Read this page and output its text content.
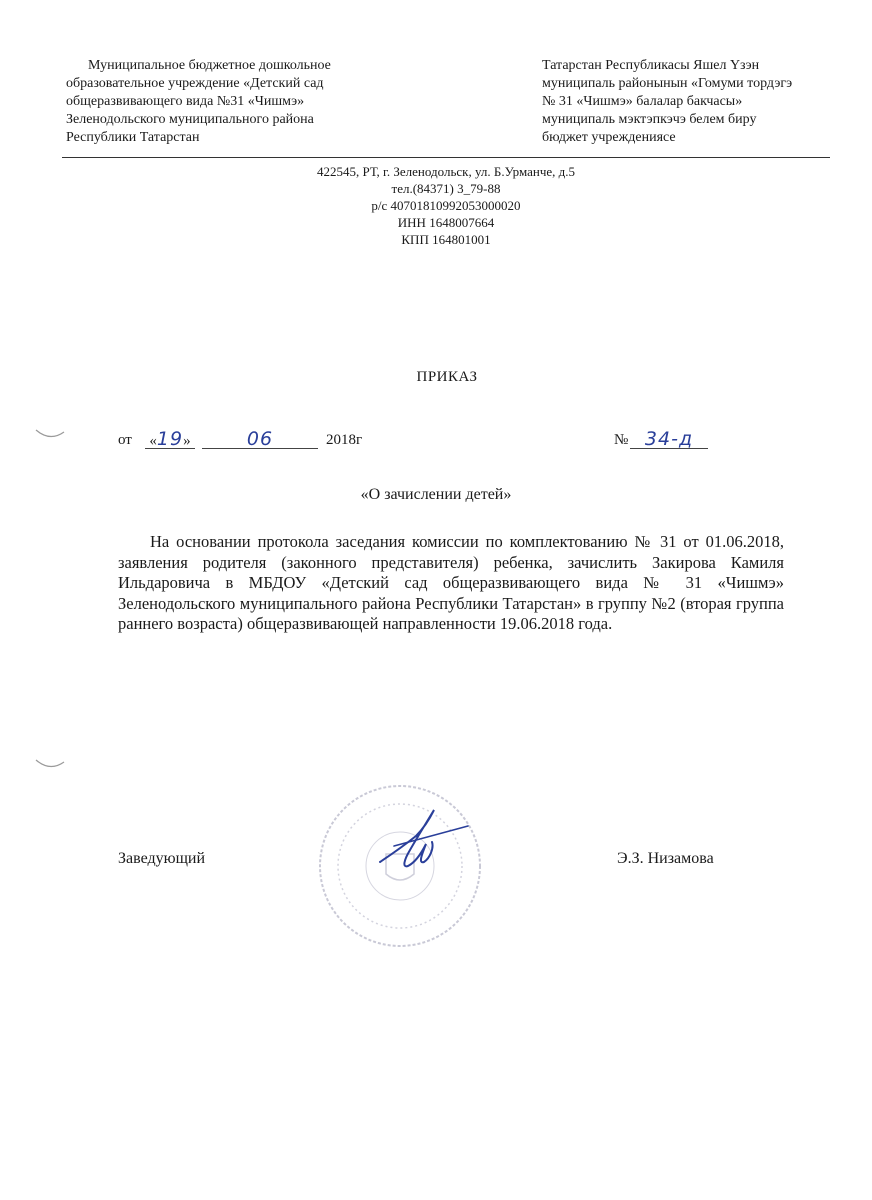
Муниципальное бюджетное дошкольное
образовательное учреждение «Детский сад
общеразвивающего вида №31 «Чишмэ»
Зеленодольского муниципального района
Республики Татарстан
Татарстан Республикасы Яшел Үзэн
муниципаль районынын «Гомуми тордэгэ
№ 31 «Чишмэ» балалар бакчасы»
муниципаль мэктэпкэчэ белем биру
бюджет учреждениясе
422545, РТ, г. Зеленодольск, ул. Б.Урманче, д.5
тел.(84371) 3_79-88
р/с 40701810992053000020
ИНН 1648007664
КПП 164801001
ПРИКАЗ
от «19»	06	2018г	№ 34-д
«О зачислении детей»

На основании протокола заседания комиссии по комплектованию № 31 от 01.06.2018, заявления родителя (законного представителя) ребенка, зачислить Закирова Камиля Ильдаровича в МБДОУ «Детский сад общеразвивающего вида № 31 «Чишмэ» Зеленодольского муниципального района Республики Татарстан» в группу №2 (вторая группа раннего возраста) общеразвивающей направленности 19.06.2018 года.

Заведующий	Э.З. Низамова
